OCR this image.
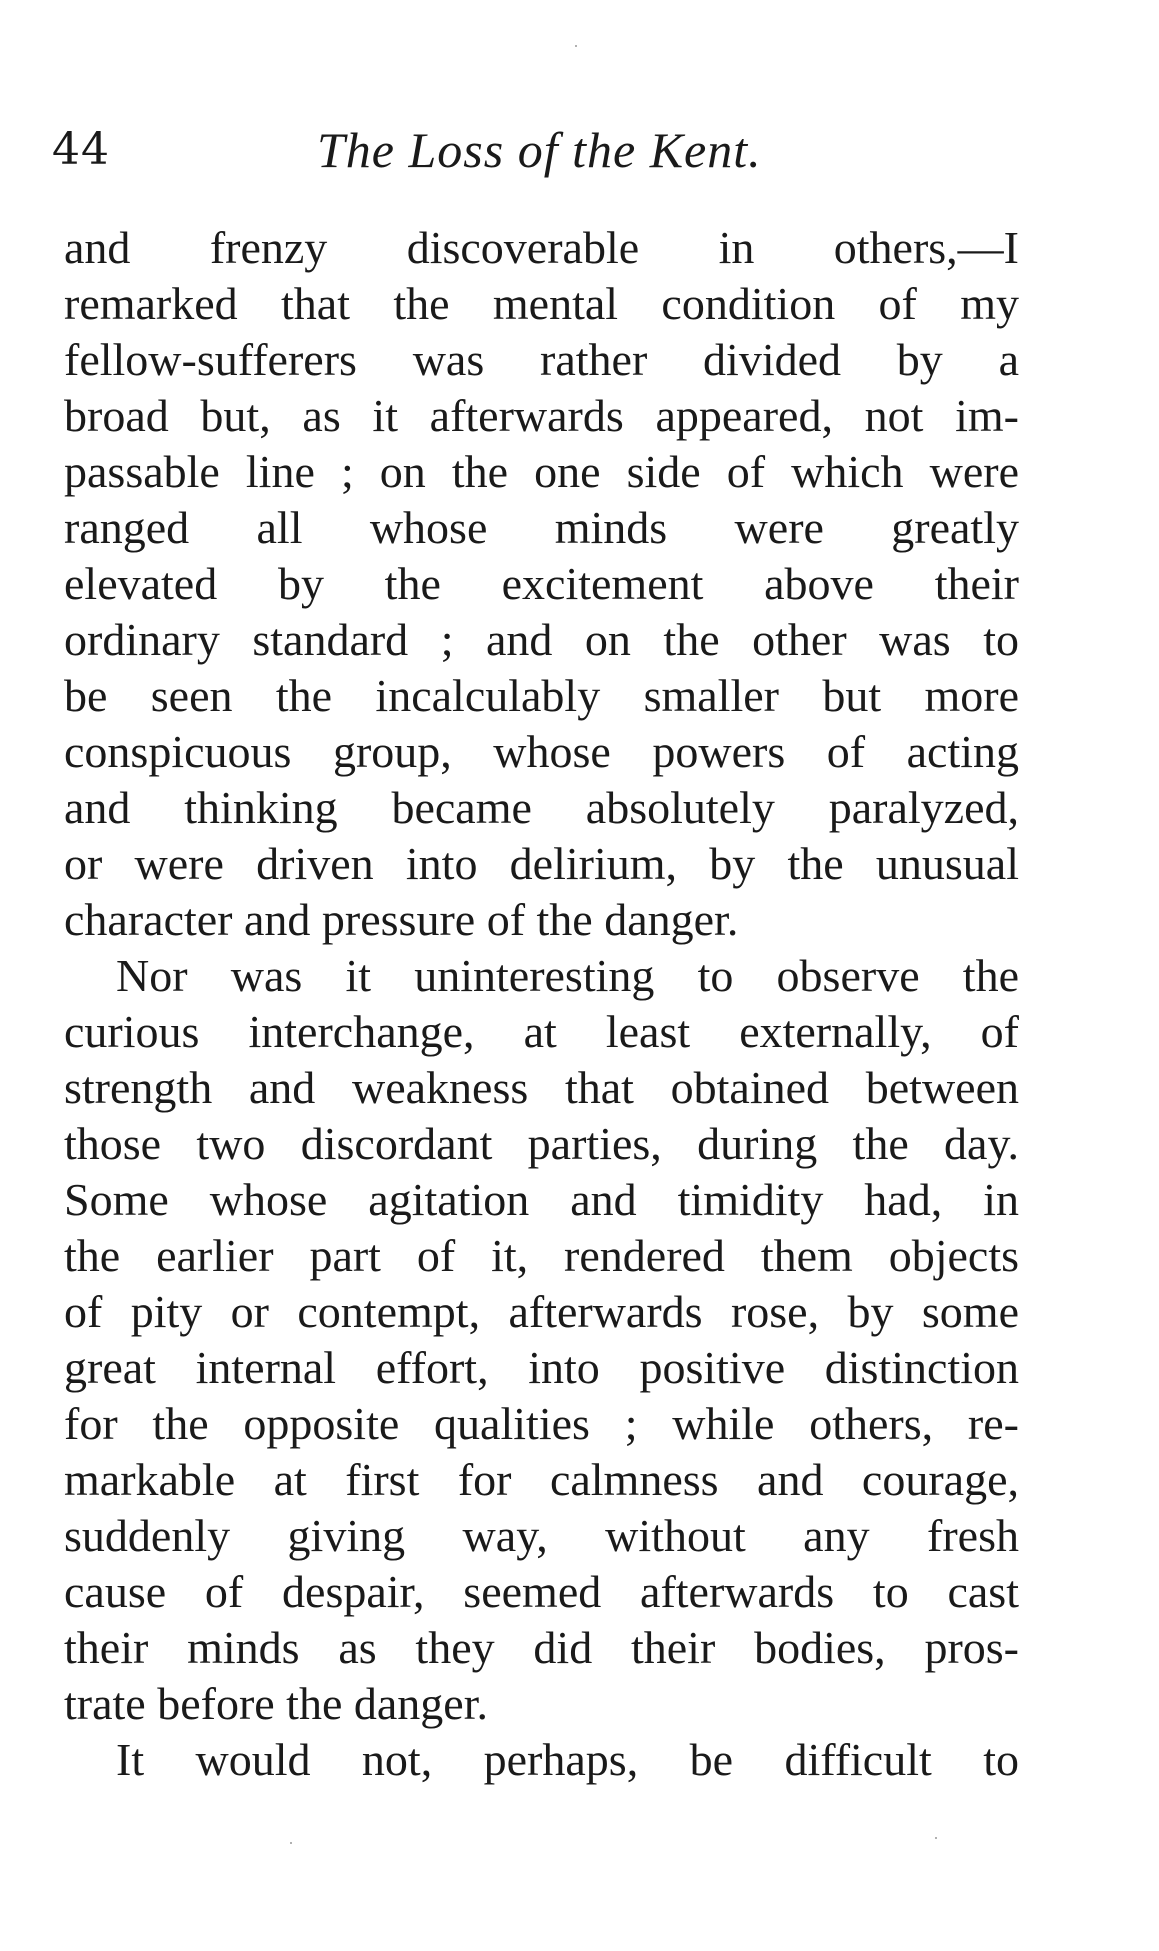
44	The Loss of the Kent.
and frenzy discoverable in others,—I
remarked that the mental condition of my
fellow-sufferers was rather divided by a
broad but, as it afterwards appeared, not im-
passable line ; on the one side of which were
ranged all whose minds were greatly
elevated by the excitement above their
ordinary standard ; and on the other was to
be seen the incalculably smaller but more
conspicuous group, whose powers of acting
and thinking became absolutely paralyzed,
or were driven into delirium, by the unusual
character and pressure of the danger.
Nor was it uninteresting to observe the
curious interchange, at least externally, of
strength and weakness that obtained between
those two discordant parties, during the day.
Some whose agitation and timidity had, in
the earlier part of it, rendered them objects
of pity or contempt, afterwards rose, by some
great internal effort, into positive distinction
for the opposite qualities ; while others, re-
markable at first for calmness and courage,
suddenly giving way, without any fresh
cause of despair, seemed afterwards to cast
their minds as they did their bodies, pros-
trate before the danger.
It would not, perhaps, be difficult to
